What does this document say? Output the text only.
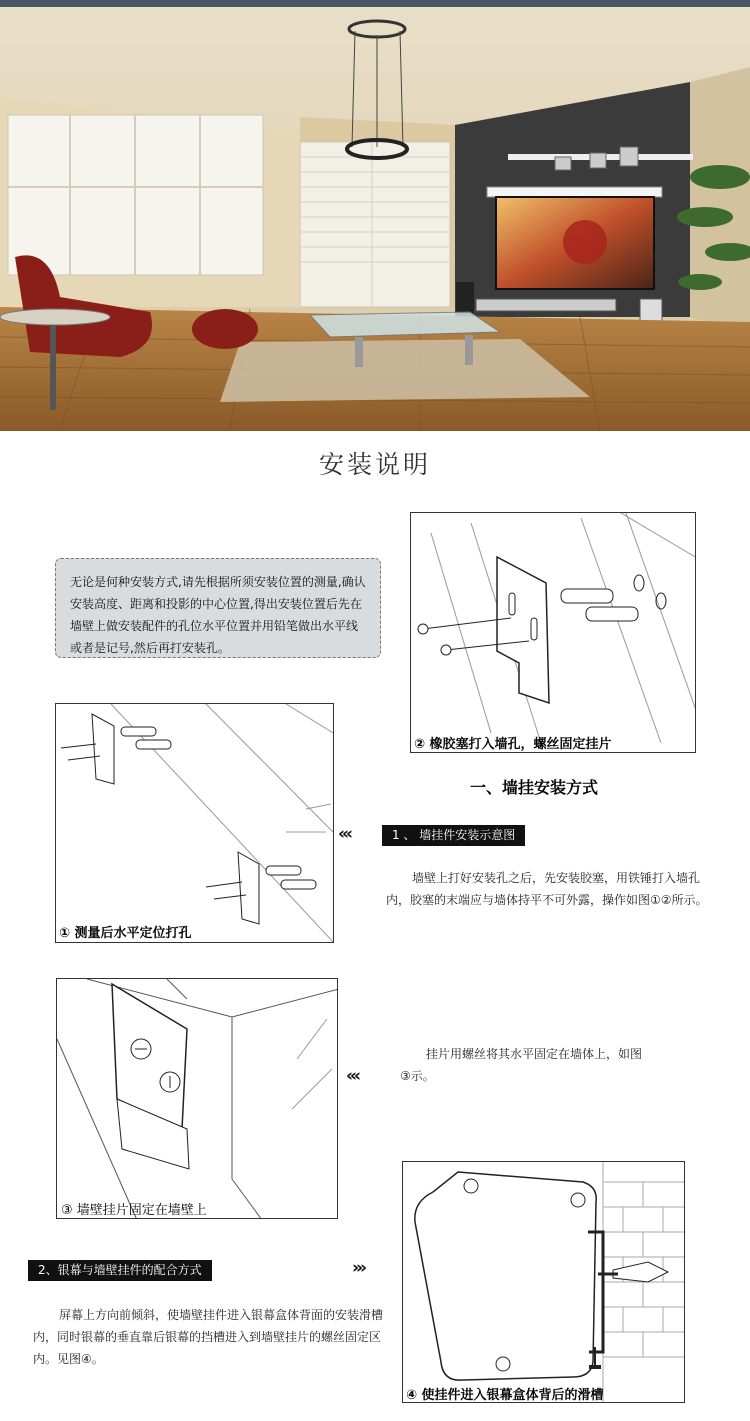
安装说明
无论是何种安装方式,请先根据所须安装位置的测量,确认安装高度、距离和投影的中心位置,得出安装位置后先在墙壁上做安装配件的孔位水平位置并用铅笔做出水平线或者是记号,然后再打安装孔。
② 橡胶塞打入墙孔，螺丝固定挂片
一、墙挂安装方式
① 测量后水平定位打孔
‹‹‹	1 、 墙挂件安装示意图
墙壁上打好安装孔之后，先安装胶塞，用铁锤打入墙孔内，胶塞的末端应与墙体持平不可外露，操作如图①②所示。
③ 墙壁挂片固定在墙壁上
‹‹‹
挂片用螺丝将其水平固定在墙体上，如图③示。
2、银幕与墙壁挂件的配合方式	›››
屏幕上方向前倾斜，使墙壁挂件进入银幕盒体背面的安装滑槽内，同时银幕的垂直靠后银幕的挡槽进入到墙壁挂片的螺丝固定区内。见图④。
④ 使挂件进入银幕盒体背后的滑槽
